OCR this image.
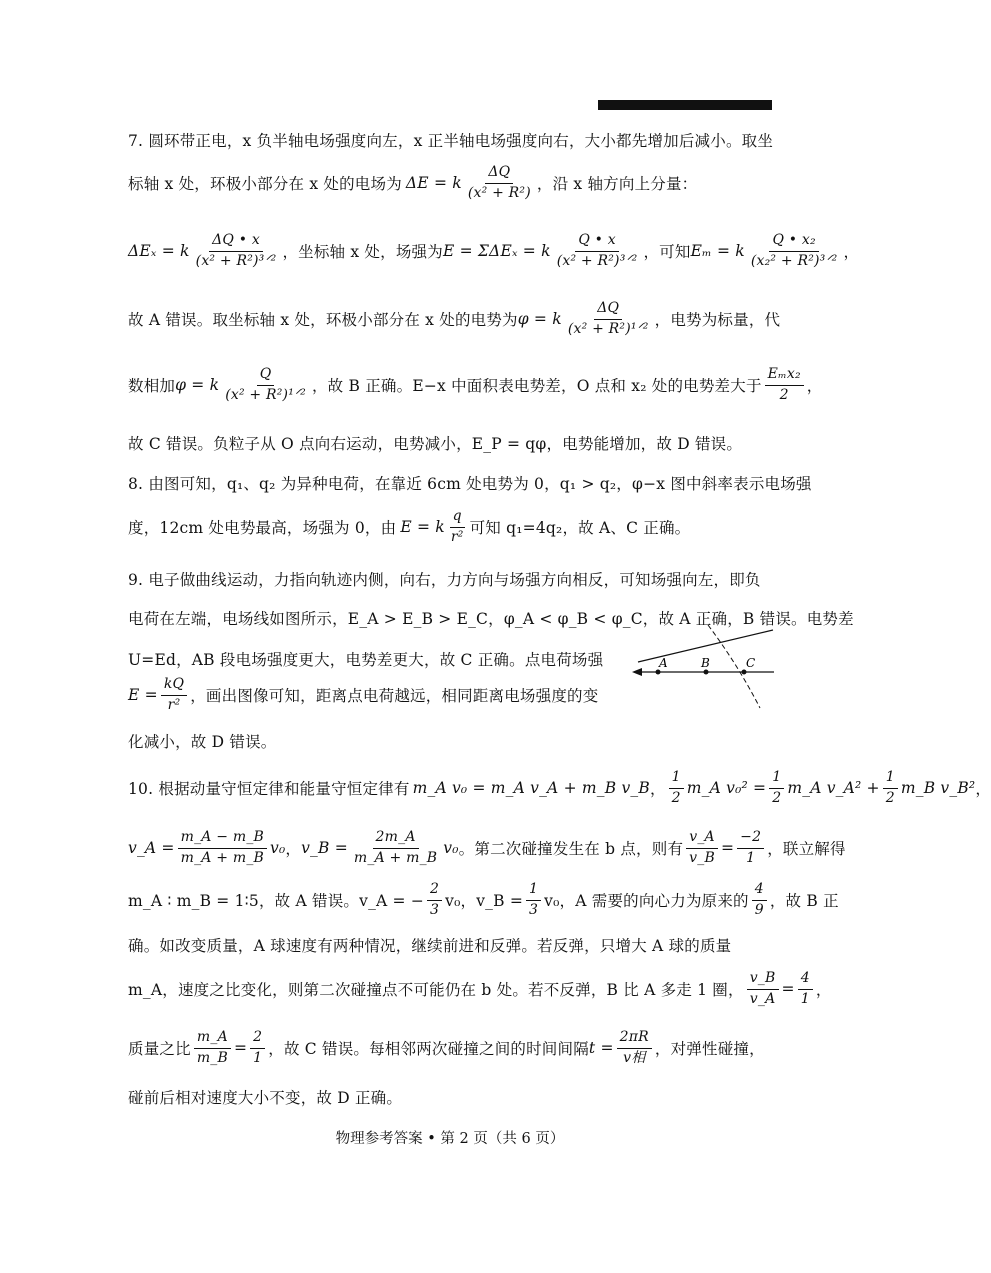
7. 圆环带正电，x 负半轴电场强度向左，x 正半轴电场强度向右，大小都先增加后减小。取坐
标轴 x 处，环极小部分在 x 处的电场为 ΔE = k
ΔQ
(x² + R²) ，沿 x 轴方向上分量：
ΔEₓ = k
ΔQ • x
(x² + R²)³ᐟ² ，坐标轴 x 处，场强为 E = ΣΔEₓ = k
Q • x
(x² + R²)³ᐟ² ，可知 Eₘ = k
Q • x₂
(x₂² + R²)³ᐟ² ，
故 A 错误。取坐标轴 x 处，环极小部分在 x 处的电势为 φ = k
ΔQ
(x² + R²)¹ᐟ² ，电势为标量，代
数相加 φ = k
Q
(x² + R²)¹ᐟ² ，故 B 正确。E−x 中面积表电势差，O 点和 x₂ 处的电势差大于
Eₘx₂
2 ，
故 C 错误。负粒子从 O 点向右运动，电势减小，E_P = qφ，电势能增加，故 D 错误。
8. 由图可知，q₁、q₂ 为异种电荷，在靠近 6cm 处电势为 0，q₁ > q₂，φ−x 图中斜率表示电场强
度，12cm 处电势最高，场强为 0，由 E = k
q
r² 可知 q₁=4q₂，故 A、C 正确。
9. 电子做曲线运动，力指向轨迹内侧，向右，力方向与场强方向相反，可知场强向左，即负
电荷在左端，电场线如图所示，E_A > E_B > E_C，φ_A < φ_B < φ_C，故 A 正确，B 错误。电势差
U=Ed，AB 段电场强度更大，电势差更大，故 C 正确。点电荷场强
$E = \frac{kQ}{\text{r²}}$ ，画出图像可知，距离点电荷越远，相同距离电场强度的变
化减小，故 D 错误。
A	B	C
10. 根据动量守恒定律和能量守恒定律有 m_A v₀ = m_A v_A + m_B v_B ，
1
2
m_A $v_0^2 = \frac{1}{2}$ m_A v_A² + $\frac{1}{2}$ m_B v_B² ，
v_A = $\frac{m\_A - m\_B}{m\_A + m\_B} v_0$ ， v_B = $\frac{2m\_A}{m\_A + m\_B} v_0$ 。第二次碰撞发生在 b 点，则有 $\frac{v\_A}{v\_B} = \frac{-2}{1}$ ，联立解得
m_A ∶ m_B = 1∶5，故 A 错误。v_A = − $\frac{2}{3} v_0$，v_B = $\frac{1}{3} v_0$，A 需要的向心力为原来的
4
9 ，故 B 正
确。如改变质量，A 球速度有两种情况，继续前进和反弹。若反弹，只增大 A 球的质量
m_A，速度之比变化，则第二次碰撞点不可能仍在 b 处。若不反弹，B 比 A 多走 1 圈， $\frac{v\_B}{v\_A} = \frac{4}{1}$ ，
质量之比 $\frac{m\_A}{m\_B} = \frac{2}{1}$ ，故 C 错误。每相邻两次碰撞之间的时间间隔 t =
2πR
v相 ，对弹性碰撞，
碰前后相对速度大小不变，故 D 正确。
物理参考答案 • 第 2 页（共 6 页）
